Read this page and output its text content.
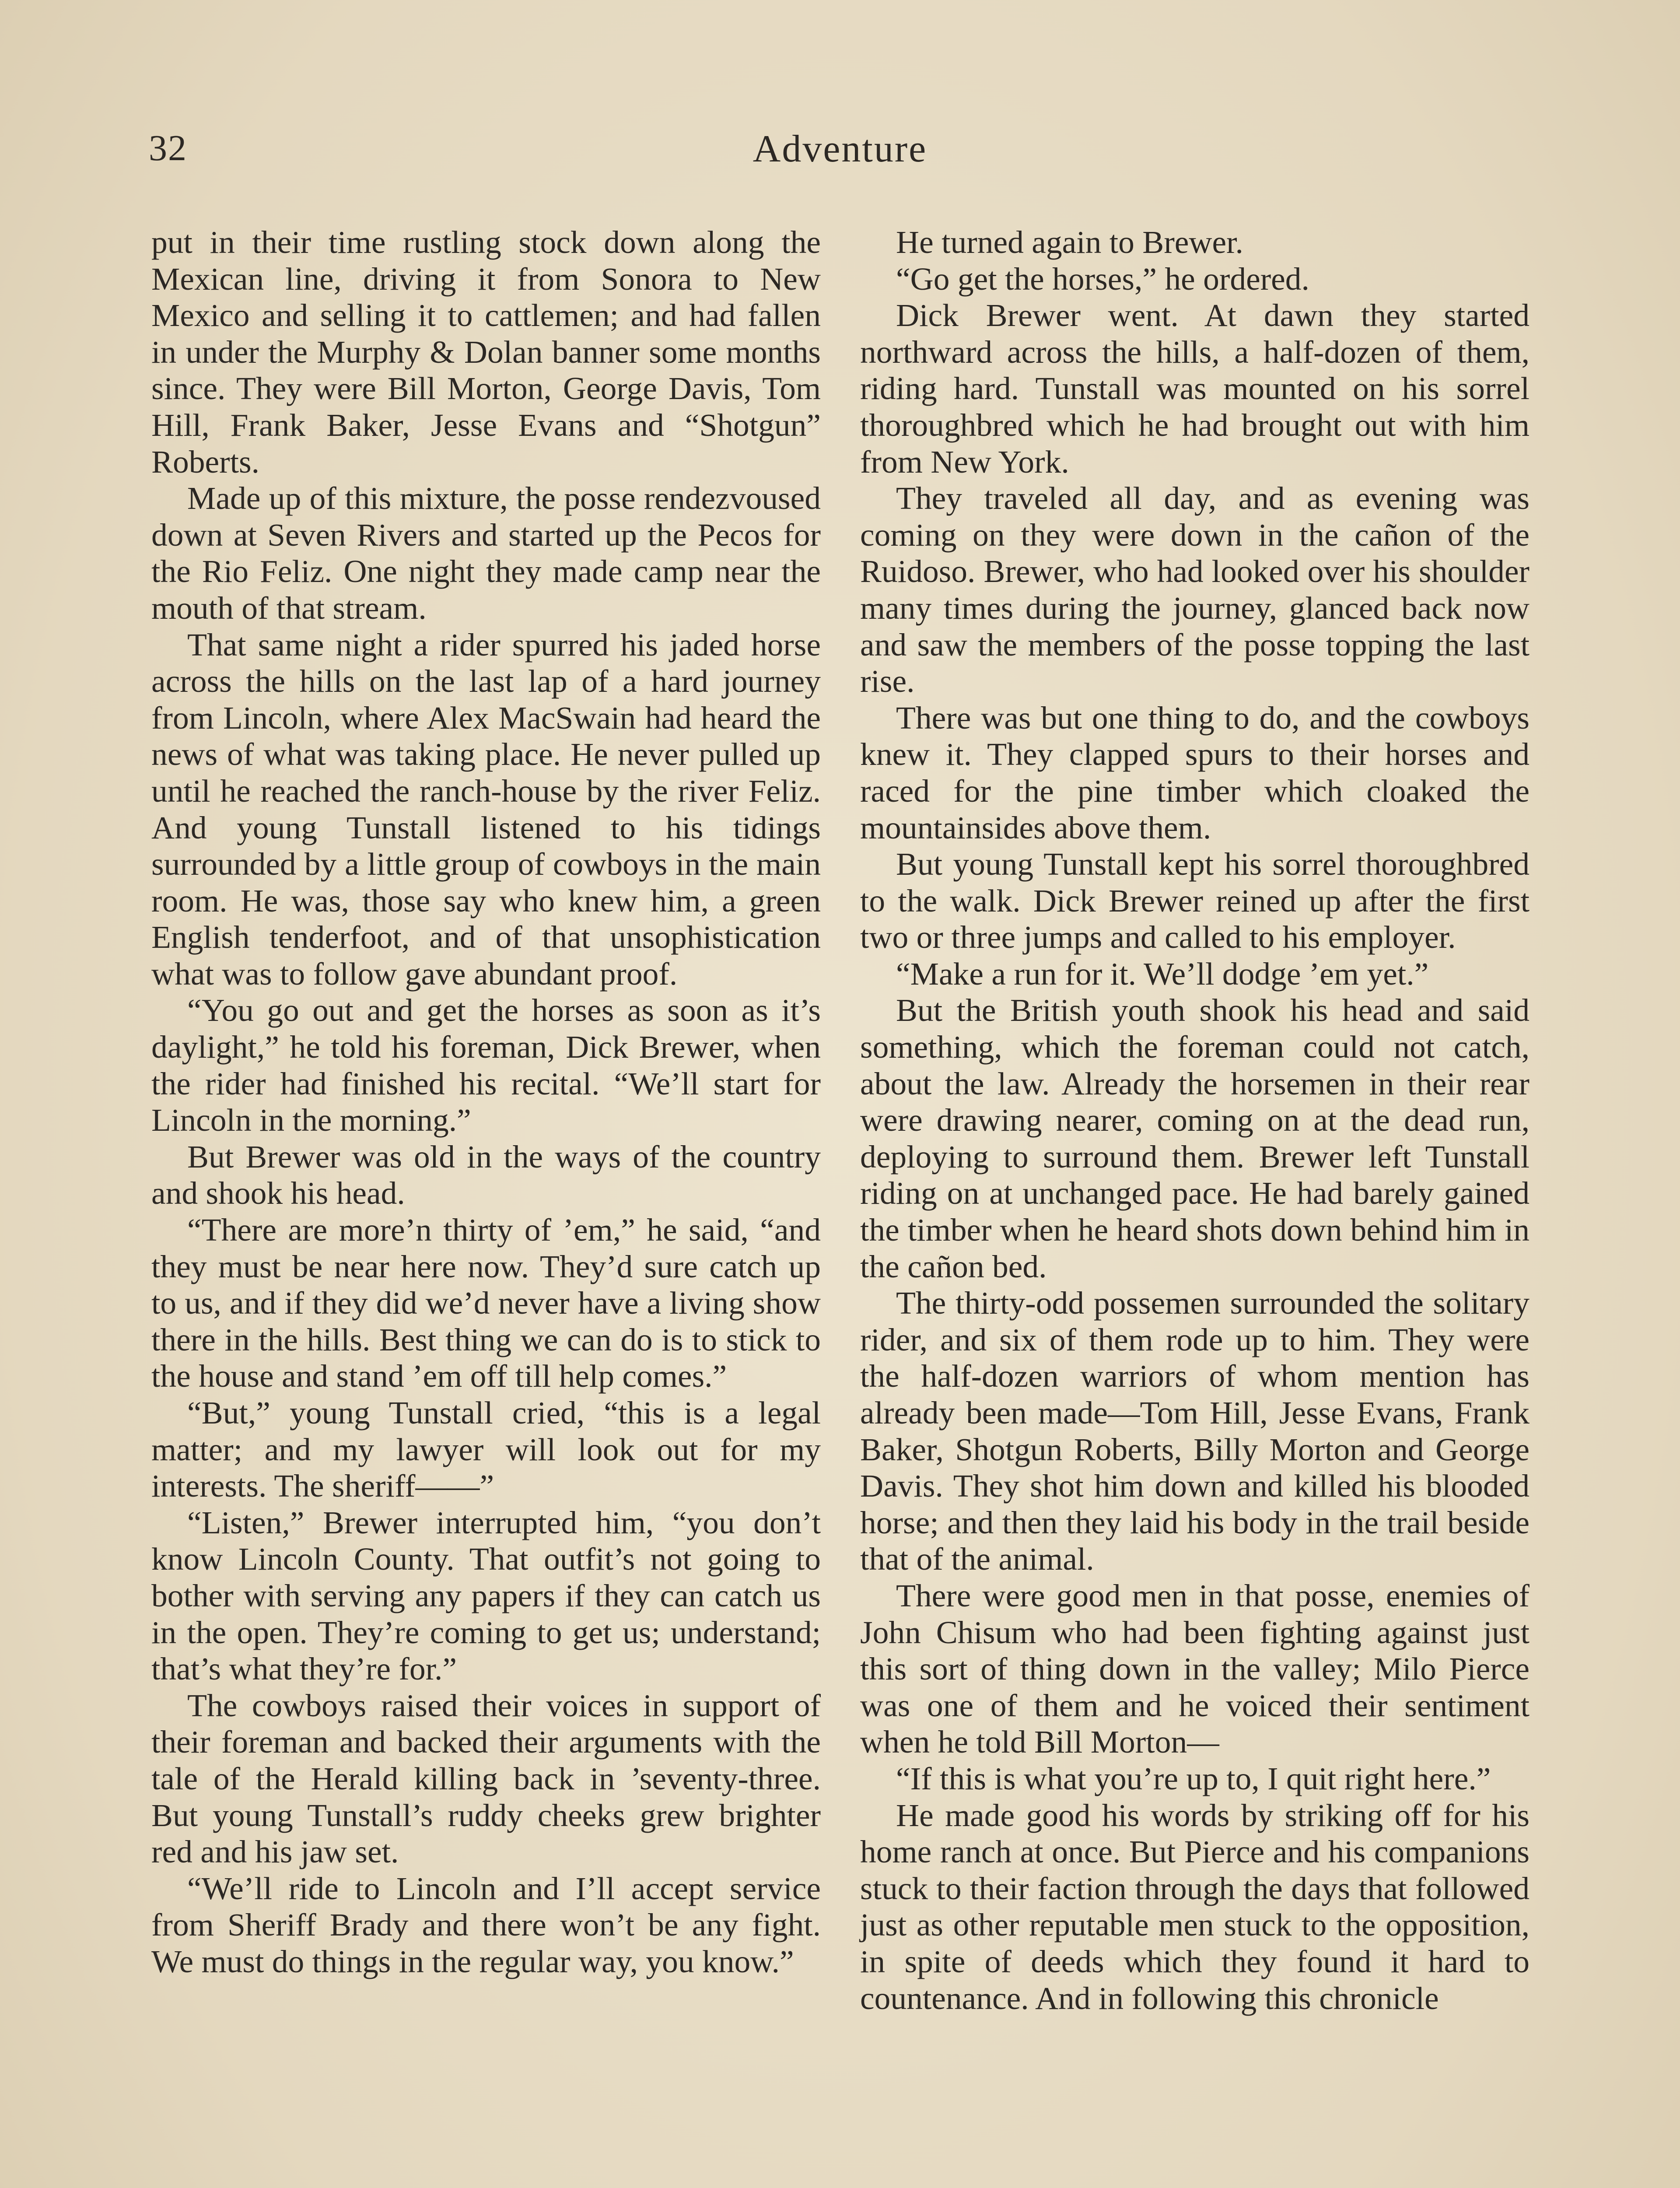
32	Adventure

put in their time rustling stock down along the Mexican line, driving it from Sonora to New Mexico and selling it to cattlemen; and had fallen in under the Murphy & Dolan banner some months since. They were Bill Morton, George Davis, Tom Hill, Frank Baker, Jesse Evans and “Shotgun” Roberts.

Made up of this mixture, the posse rendezvoused down at Seven Rivers and started up the Pecos for the Rio Feliz. One night they made camp near the mouth of that stream.

That same night a rider spurred his jaded horse across the hills on the last lap of a hard journey from Lincoln, where Alex MacSwain had heard the news of what was taking place. He never pulled up until he reached the ranch-house by the river Feliz. And young Tunstall listened to his tidings surrounded by a little group of cowboys in the main room. He was, those say who knew him, a green English tenderfoot, and of that unsophistication what was to follow gave abundant proof.

“You go out and get the horses as soon as it’s daylight,” he told his foreman, Dick Brewer, when the rider had finished his recital. “We’ll start for Lincoln in the morning.”

But Brewer was old in the ways of the country and shook his head.

“There are more’n thirty of ’em,” he said, “and they must be near here now. They’d sure catch up to us, and if they did we’d never have a living show there in the hills. Best thing we can do is to stick to the house and stand ’em off till help comes.”

“But,” young Tunstall cried, “this is a legal matter; and my lawyer will look out for my interests. The sheriff——”

“Listen,” Brewer interrupted him, “you don’t know Lincoln County. That outfit’s not going to bother with serving any papers if they can catch us in the open. They’re coming to get us; understand; that’s what they’re for.”

The cowboys raised their voices in support of their foreman and backed their arguments with the tale of the Herald killing back in ’seventy-three. But young Tunstall’s ruddy cheeks grew brighter red and his jaw set.

“We’ll ride to Lincoln and I’ll accept service from Sheriff Brady and there won’t be any fight. We must do things in the regular way, you know.”

He turned again to Brewer.

“Go get the horses,” he ordered.

Dick Brewer went. At dawn they started northward across the hills, a half-dozen of them, riding hard. Tunstall was mounted on his sorrel thoroughbred which he had brought out with him from New York.

They traveled all day, and as evening was coming on they were down in the cañon of the Ruidoso. Brewer, who had looked over his shoulder many times during the journey, glanced back now and saw the members of the posse topping the last rise.

There was but one thing to do, and the cowboys knew it. They clapped spurs to their horses and raced for the pine timber which cloaked the mountainsides above them.

But young Tunstall kept his sorrel thoroughbred to the walk. Dick Brewer reined up after the first two or three jumps and called to his employer.

“Make a run for it. We’ll dodge ’em yet.”

But the British youth shook his head and said something, which the foreman could not catch, about the law. Already the horsemen in their rear were drawing nearer, coming on at the dead run, deploying to surround them. Brewer left Tunstall riding on at unchanged pace. He had barely gained the timber when he heard shots down behind him in the cañon bed.

The thirty-odd possemen surrounded the solitary rider, and six of them rode up to him. They were the half-dozen warriors of whom mention has already been made—Tom Hill, Jesse Evans, Frank Baker, Shotgun Roberts, Billy Morton and George Davis. They shot him down and killed his blooded horse; and then they laid his body in the trail beside that of the animal.

There were good men in that posse, enemies of John Chisum who had been fighting against just this sort of thing down in the valley; Milo Pierce was one of them and he voiced their sentiment when he told Bill Morton—

“If this is what you’re up to, I quit right here.”

He made good his words by striking off for his home ranch at once. But Pierce and his companions stuck to their faction through the days that followed just as other reputable men stuck to the opposition, in spite of deeds which they found it hard to countenance. And in following this chronicle
